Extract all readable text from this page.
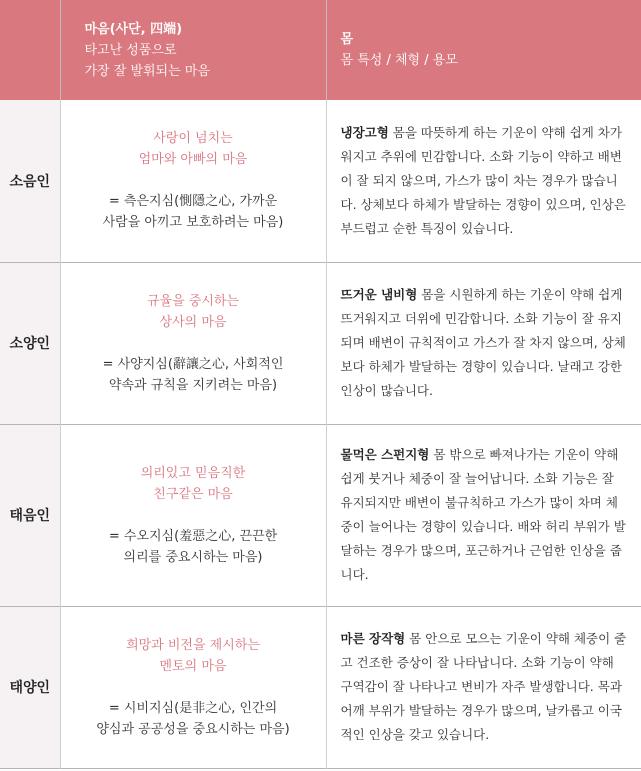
	마음(사단, 四端)
타고난 성품으로
가장 잘 발휘되는 마음	몸
몸 특성 / 체형 / 용모

소음인	사랑이 넘치는
엄마와 아빠의 마음
= 측은지심(惻隱之心, 가까운
사람을 아끼고 보호하려는 마음)	냉장고형 몸을 따뜻하게 하는 기운이 약해 쉽게 차가워지고 추위에 민감합니다. 소화 기능이 약하고 배변이 잘 되지 않으며, 가스가 많이 차는 경우가 많습니다. 상체보다 하체가 발달하는 경향이 있으며, 인상은 부드럽고 순한 특징이 있습니다.
소양인	규율을 중시하는
상사의 마음
= 사양지심(辭讓之心, 사회적인
약속과 규칙을 지키려는 마음)	뜨거운 냄비형 몸을 시원하게 하는 기운이 약해 쉽게 뜨거워지고 더위에 민감합니다. 소화 기능이 잘 유지되며 배변이 규칙적이고 가스가 잘 차지 않으며, 상체보다 하체가 발달하는 경향이 있습니다. 날래고 강한 인상이 많습니다.
태음인	의리있고 믿음직한
친구같은 마음
= 수오지심(羞惡之心, 끈끈한
의리를 중요시하는 마음)	물먹은 스펀지형 몸 밖으로 빠져나가는 기운이 약해 쉽게 붓거나 체중이 잘 늘어납니다. 소화 기능은 잘 유지되지만 배변이 불규칙하고 가스가 많이 차며 체중이 늘어나는 경향이 있습니다. 배와 허리 부위가 발달하는 경우가 많으며, 포근하거나 근엄한 인상을 줍니다.
태양인	희망과 비전을 제시하는
멘토의 마음
= 시비지심(是非之心, 인간의
양심과 공공성을 중요시하는 마음)	마른 장작형 몸 안으로 모으는 기운이 약해 체중이 줄고 건조한 증상이 잘 나타납니다. 소화 기능이 약해 구역감이 잘 나타나고 변비가 자주 발생합니다. 목과 어깨 부위가 발달하는 경우가 많으며, 날카롭고 이국적인 인상을 갖고 있습니다.
